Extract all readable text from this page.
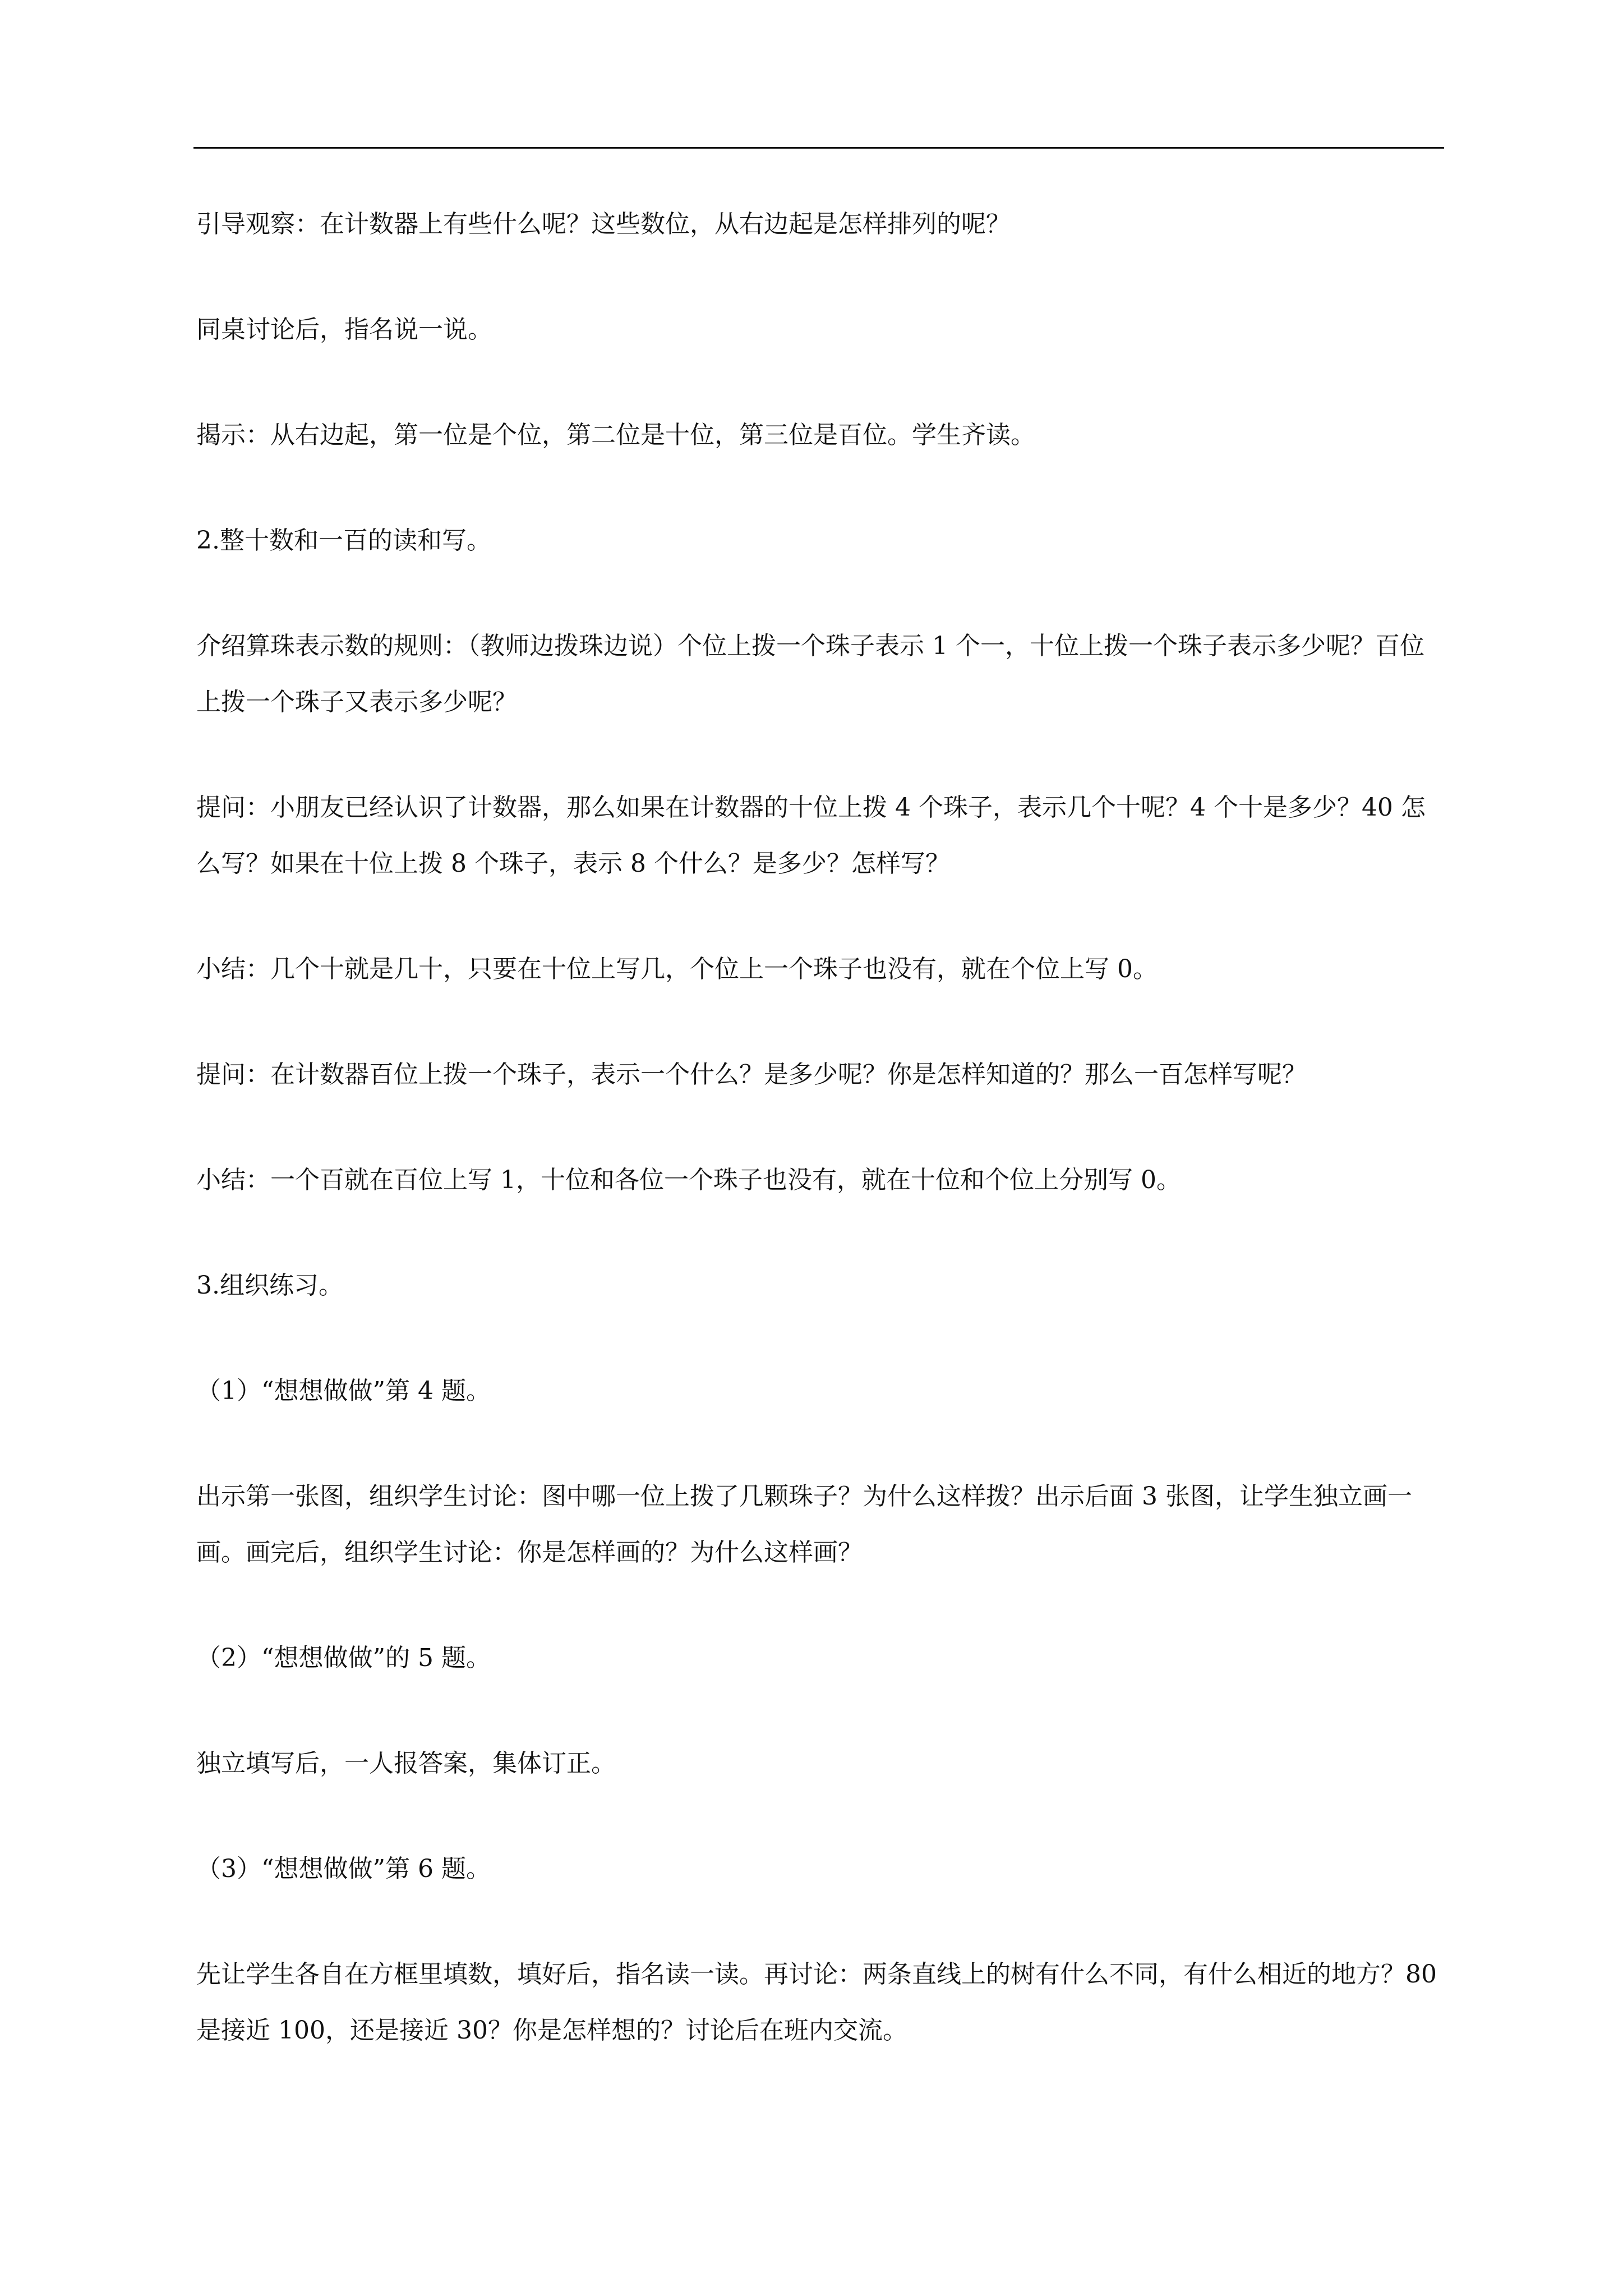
引导观察：在计数器上有些什么呢？这些数位，从右边起是怎样排列的呢？

同桌讨论后，指名说一说。

揭示：从右边起，第一位是个位，第二位是十位，第三位是百位。学生齐读。

2.整十数和一百的读和写。

介绍算珠表示数的规则：（教师边拨珠边说）个位上拨一个珠子表示 1 个一，十位上拨一个珠子表示多少呢？百位上拨一个珠子又表示多少呢？

提问：小朋友已经认识了计数器，那么如果在计数器的十位上拨 4 个珠子，表示几个十呢？4 个十是多少？40 怎么写？如果在十位上拨 8 个珠子，表示 8 个什么？是多少？怎样写？

小结：几个十就是几十，只要在十位上写几，个位上一个珠子也没有，就在个位上写 0。

提问：在计数器百位上拨一个珠子，表示一个什么？是多少呢？你是怎样知道的？那么一百怎样写呢？

小结：一个百就在百位上写 1，十位和各位一个珠子也没有，就在十位和个位上分别写 0。

3.组织练习。

（1）“想想做做”第 4 题。

出示第一张图，组织学生讨论：图中哪一位上拨了几颗珠子？为什么这样拨？出示后面 3 张图，让学生独立画一画。画完后，组织学生讨论：你是怎样画的？为什么这样画？

（2）“想想做做”的 5 题。

独立填写后，一人报答案，集体订正。

（3）“想想做做”第 6 题。

先让学生各自在方框里填数，填好后，指名读一读。再讨论：两条直线上的树有什么不同，有什么相近的地方？80 是接近 100，还是接近 30？你是怎样想的？讨论后在班内交流。
